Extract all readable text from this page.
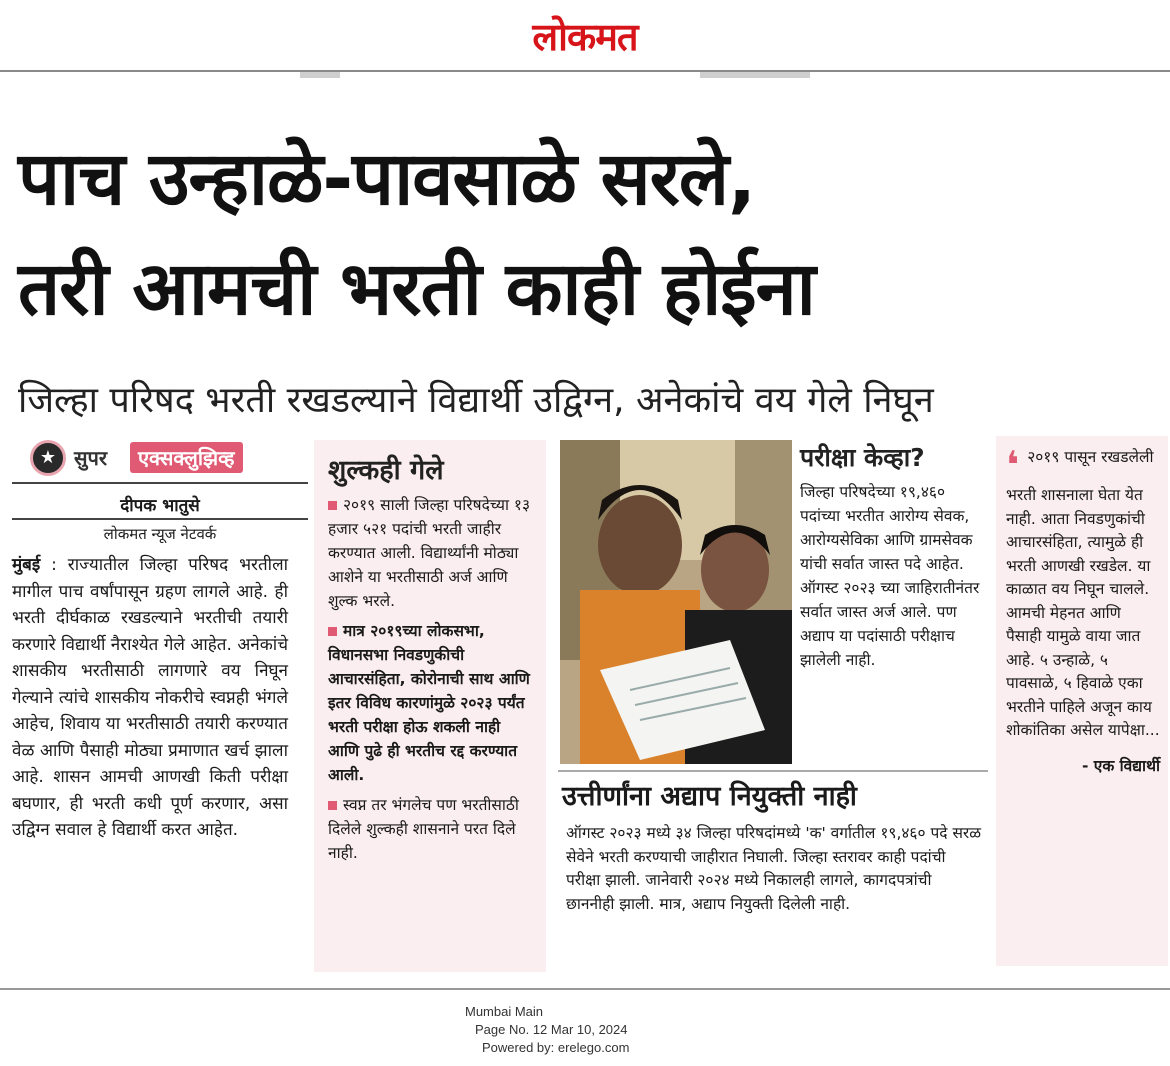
लोकमत
पाच उन्हाळे-पावसाळे सरले,
तरी आमची भरती काही होईना
जिल्हा परिषद भरती रखडल्याने विद्यार्थी उद्विग्न, अनेकांचे वय गेले निघून
★ सुपर	एक्सक्लुझिव्ह
दीपक भातुसे
लोकमत न्यूज नेटवर्क
मुंबई : राज्यातील जिल्हा परिषद भरतीला मागील पाच वर्षांपासून ग्रहण लागले आहे. ही भरती दीर्घकाळ रखडल्याने भरतीची तयारी करणारे विद्यार्थी नैराश्येत गेले आहेत. अनेकांचे शासकीय भरतीसाठी लागणारे वय निघून गेल्याने त्यांचे शासकीय नोकरीचे स्वप्नही भंगले आहेच, शिवाय या भरतीसाठी तयारी करण्यात वेळ आणि पैसाही मोठ्या प्रमाणात खर्च झाला आहे. शासन आमची आणखी किती परीक्षा बघणार, ही भरती कधी पूर्ण करणार, असा उद्विग्न सवाल हे विद्यार्थी करत आहेत.
शुल्कही गेले
२०१९ साली जिल्हा परिषदेच्या १३ हजार ५२१ पदांची भरती जाहीर करण्यात आली. विद्यार्थ्यांनी मोठ्या आशेने या भरतीसाठी अर्ज आणि शुल्क भरले.
मात्र २०१९च्या लोकसभा, विधानसभा निवडणुकीची आचारसंहिता, कोरोनाची साथ आणि इतर विविध कारणांमुळे २०२३ पर्यंत भरती परीक्षा होऊ शकली नाही आणि पुढे ही भरतीच रद्द करण्यात आली.
स्वप्न तर भंगलेच पण भरतीसाठी दिलेले शुल्कही शासनाने परत दिले नाही.
परीक्षा केव्हा?
जिल्हा परिषदेच्या १९,४६० पदांच्या भरतीत आरोग्य सेवक, आरोग्यसेविका आणि ग्रामसेवक यांची सर्वात जास्त पदे आहेत. ऑगस्ट २०२३ च्या जाहिरातीनंतर सर्वात जास्त अर्ज आले. पण अद्याप या पदांसाठी परीक्षाच झालेली नाही.
उत्तीर्णांना अद्याप नियुक्ती नाही
ऑगस्ट २०२३ मध्ये ३४ जिल्हा परिषदांमध्ये 'क' वर्गातील १९,४६० पदे सरळ सेवेने भरती करण्याची जाहीरात निघाली. जिल्हा स्तरावर काही पदांची परीक्षा झाली. जानेवारी २०२४ मध्ये निकालही लागले, कागदपत्रांची छाननीही झाली. मात्र, अद्याप नियुक्ती दिलेली नाही.
❛ २०१९ पासून रखडलेली
भरती शासनाला घेता येत नाही. आता निवडणुकांची आचारसंहिता, त्यामुळे ही भरती आणखी रखडेल. या काळात वय निघून चालले. आमची मेहनत आणि पैसाही यामुळे वाया जात आहे. ५ उन्हाळे, ५ पावसाळे, ५ हिवाळे एका भरतीने पाहिले अजून काय शोकांतिका असेल यापेक्षा...
- एक विद्यार्थी
Mumbai Main
Page No. 12 Mar 10, 2024
Powered by: erelego.com
